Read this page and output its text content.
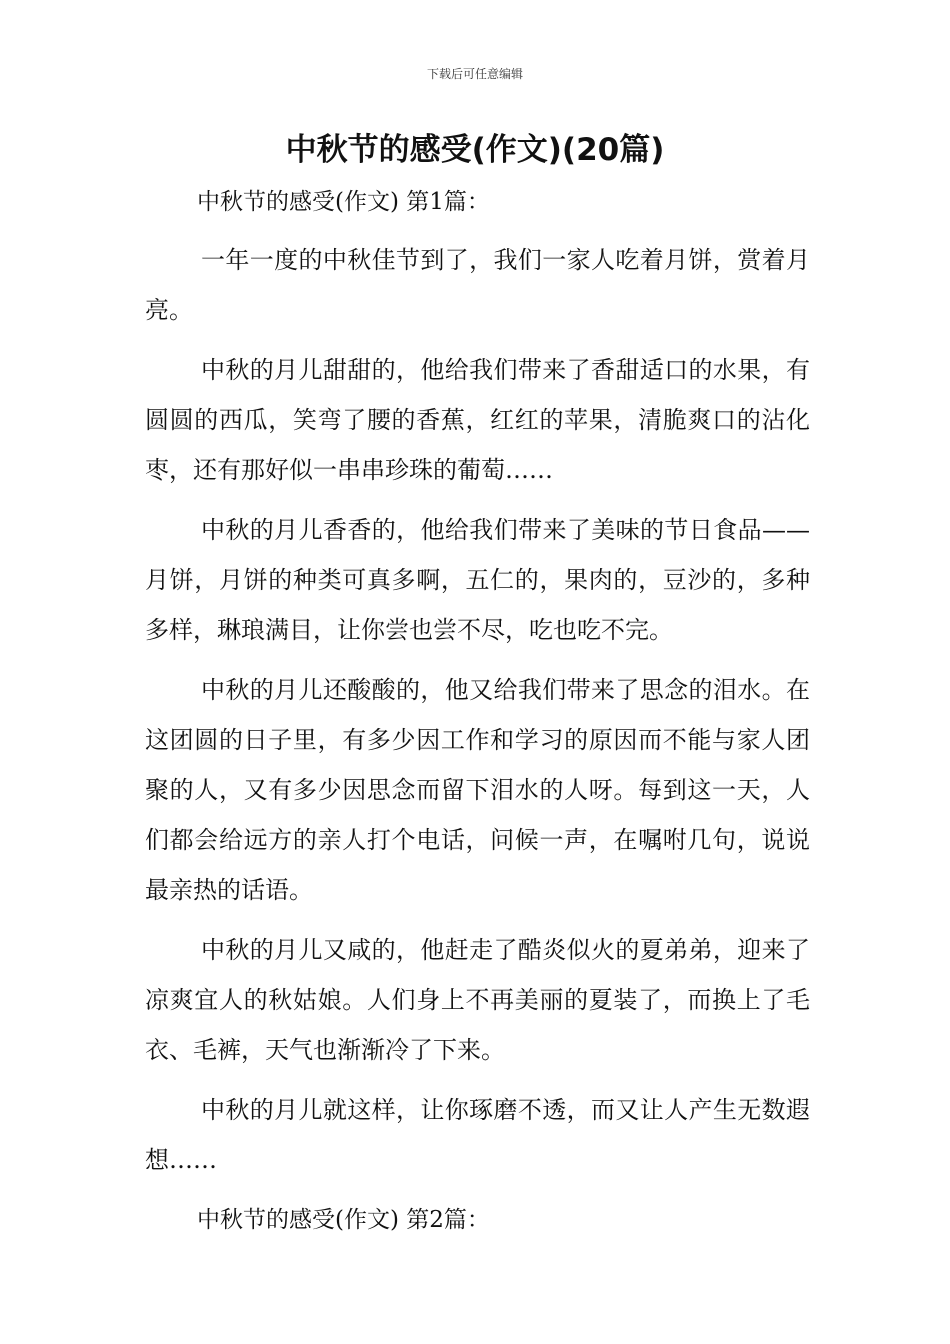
下载后可任意编辑
中秋节的感受(作文)(20篇)

中秋节的感受(作文) 第1篇：

一年一度的中秋佳节到了，我们一家人吃着月饼，赏着月亮。

中秋的月儿甜甜的，他给我们带来了香甜适口的水果，有圆圆的西瓜，笑弯了腰的香蕉，红红的苹果，清脆爽口的沾化枣，还有那好似一串串珍珠的葡萄……

中秋的月儿香香的，他给我们带来了美味的节日食品——月饼，月饼的种类可真多啊，五仁的，果肉的，豆沙的，多种多样，琳琅满目，让你尝也尝不尽，吃也吃不完。

中秋的月儿还酸酸的，他又给我们带来了思念的泪水。在这团圆的日子里，有多少因工作和学习的原因而不能与家人团聚的人，又有多少因思念而留下泪水的人呀。每到这一天，人们都会给远方的亲人打个电话，问候一声，在嘱咐几句，说说最亲热的话语。

中秋的月儿又咸的，他赶走了酷炎似火的夏弟弟，迎来了凉爽宜人的秋姑娘。人们身上不再美丽的夏装了，而换上了毛衣、毛裤，天气也渐渐冷了下来。

中秋的月儿就这样，让你琢磨不透，而又让人产生无数遐想……

中秋节的感受(作文) 第2篇：
